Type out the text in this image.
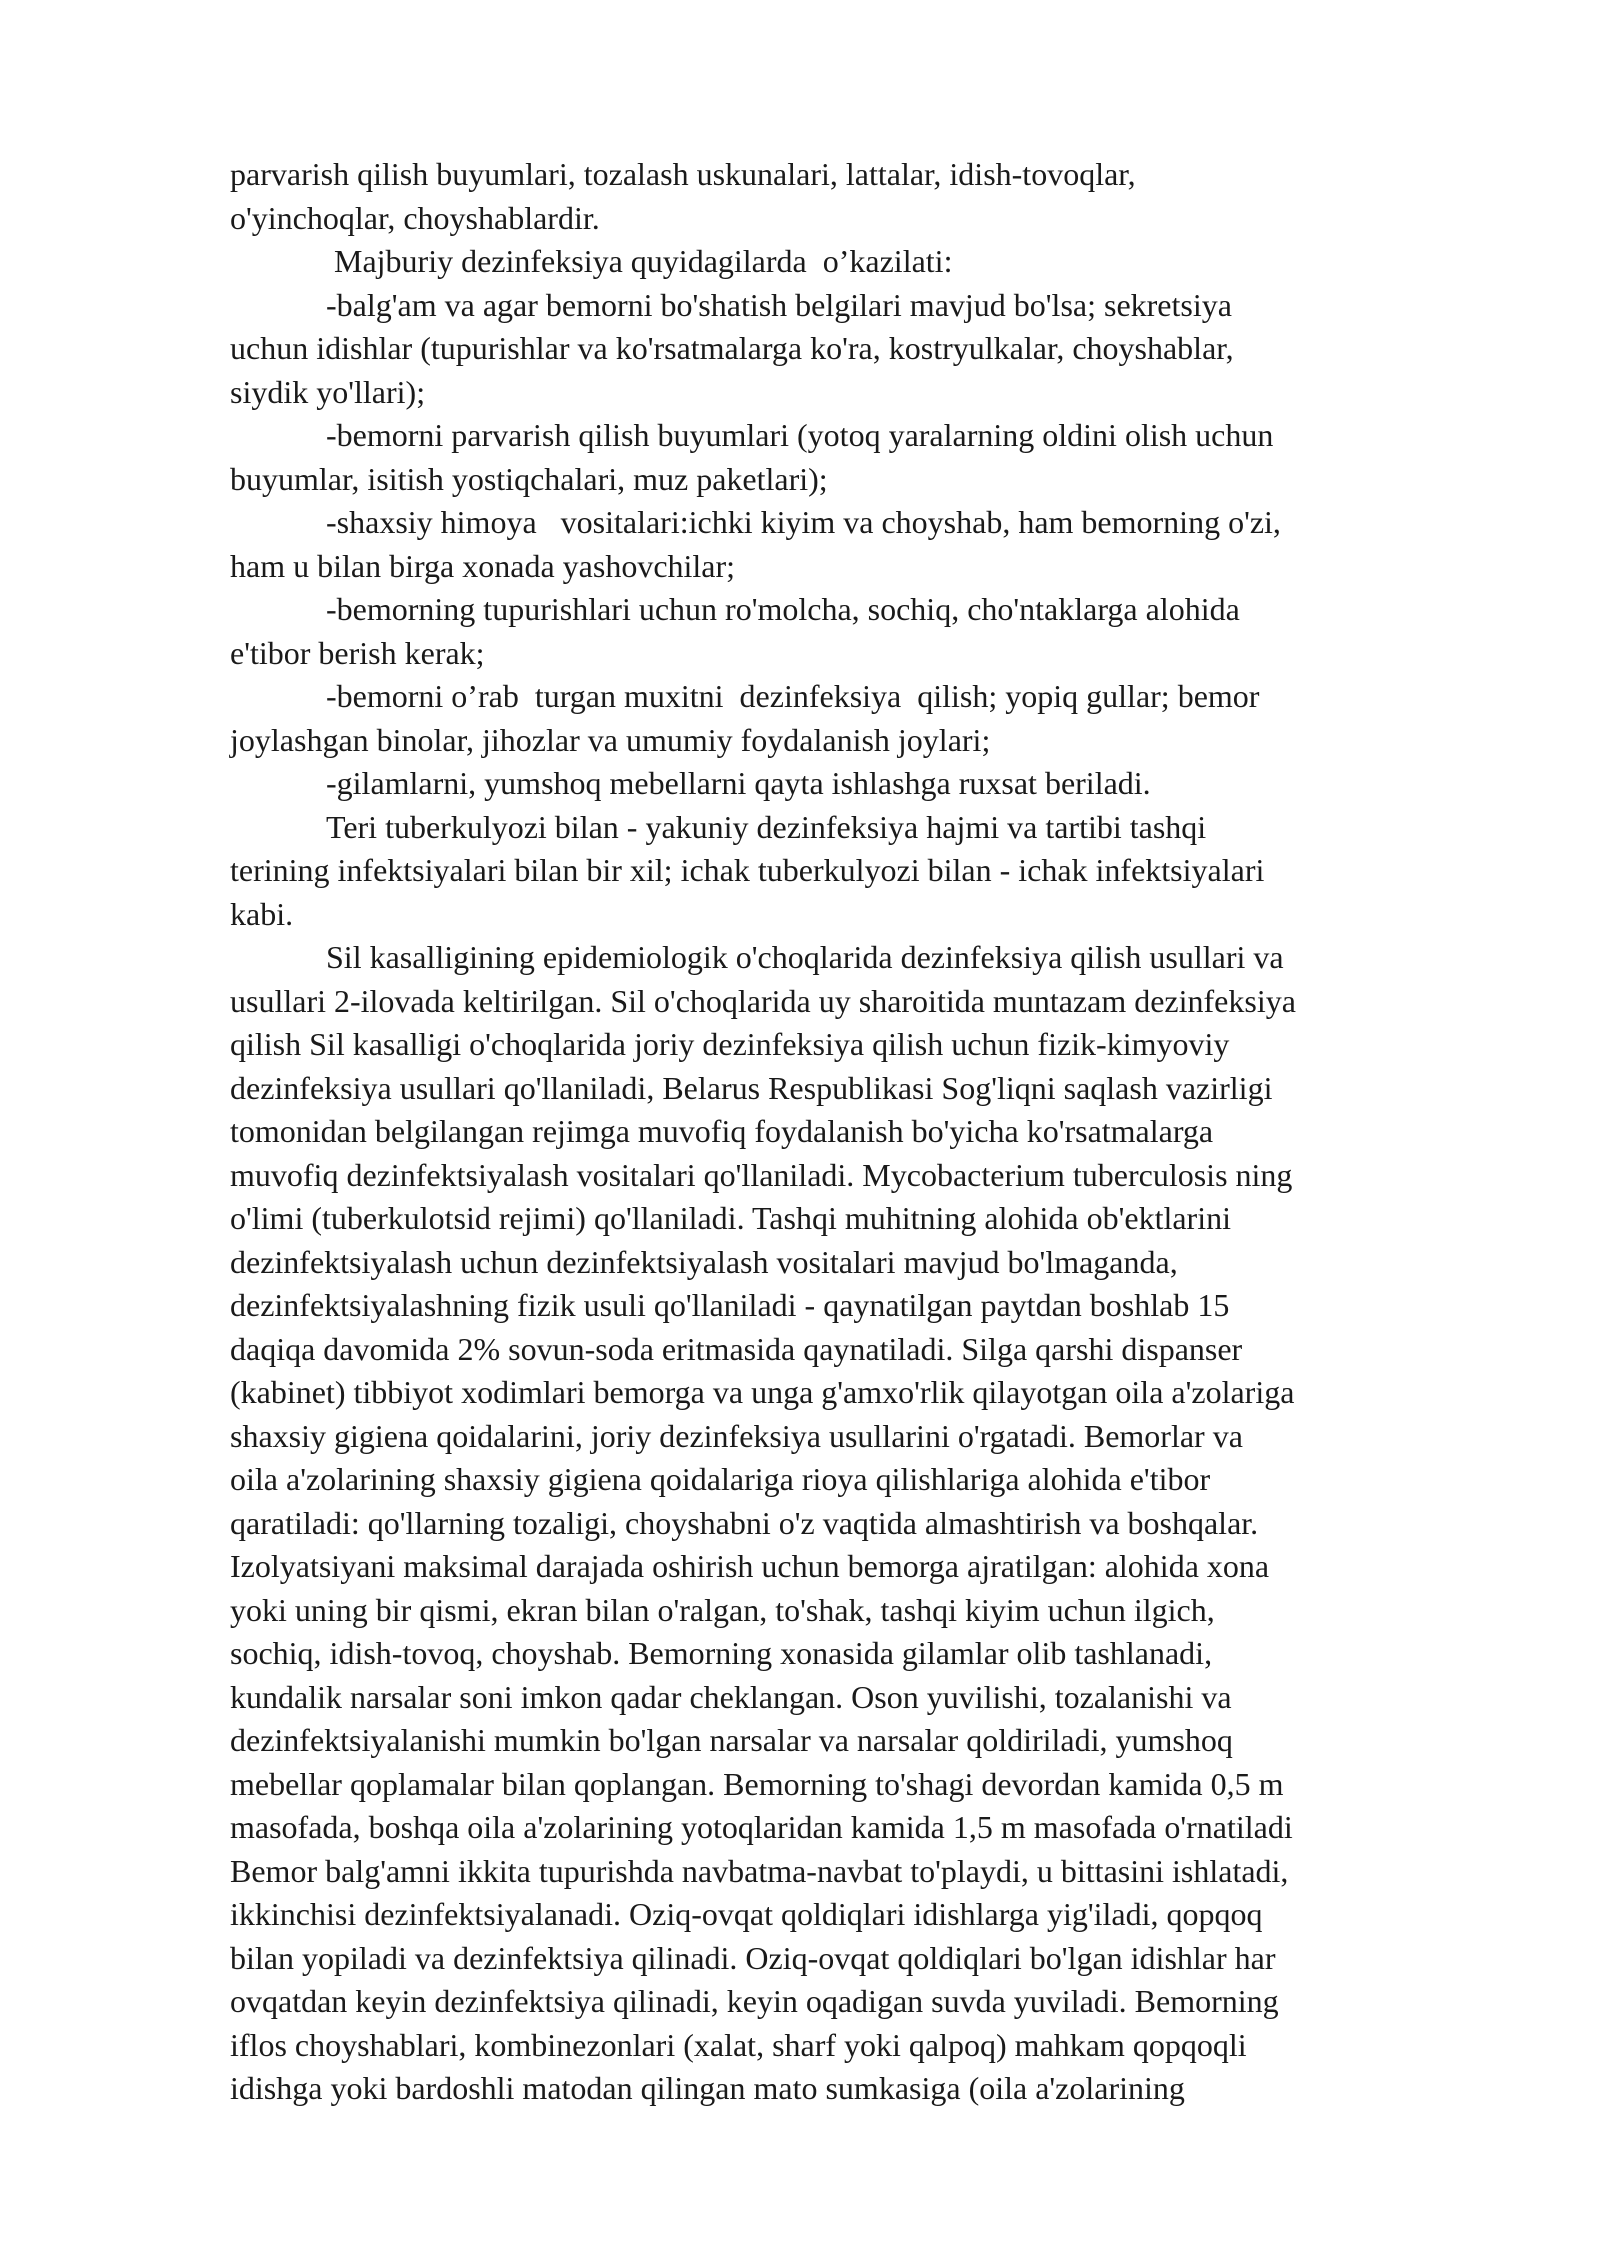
parvarish qilish buyumlari, tozalash uskunalari, lattalar, idish-tovoqlar,
o'yinchoqlar, choyshablardir.
Majburiy dezinfeksiya quyidagilarda  o’kazilati:
-balg'am va agar bemorni bo'shatish belgilari mavjud bo'lsa; sekretsiya
uchun idishlar (tupurishlar va ko'rsatmalarga ko'ra, kostryulkalar, choyshablar,
siydik yo'llari);
-bemorni parvarish qilish buyumlari (yotoq yaralarning oldini olish uchun
buyumlar, isitish yostiqchalari, muz paketlari);
-shaxsiy himoya   vositalari:ichki kiyim va choyshab, ham bemorning o'zi,
ham u bilan birga xonada yashovchilar;
-bemorning tupurishlari uchun ro'molcha, sochiq, cho'ntaklarga alohida
e'tibor berish kerak;
-bemorni o’rab  turgan muxitni  dezinfeksiya  qilish; yopiq gullar; bemor
joylashgan binolar, jihozlar va umumiy foydalanish joylari;
-gilamlarni, yumshoq mebellarni qayta ishlashga ruxsat beriladi.
Teri tuberkulyozi bilan - yakuniy dezinfeksiya hajmi va tartibi tashqi
terining infektsiyalari bilan bir xil; ichak tuberkulyozi bilan - ichak infektsiyalari
kabi.
Sil kasalligining epidemiologik o'choqlarida dezinfeksiya qilish usullari va
usullari 2-ilovada keltirilgan. Sil o'choqlarida uy sharoitida muntazam dezinfeksiya
qilish Sil kasalligi o'choqlarida joriy dezinfeksiya qilish uchun fizik-kimyoviy
dezinfeksiya usullari qo'llaniladi, Belarus Respublikasi Sog'liqni saqlash vazirligi
tomonidan belgilangan rejimga muvofiq foydalanish bo'yicha ko'rsatmalarga
muvofiq dezinfektsiyalash vositalari qo'llaniladi. Mycobacterium tuberculosis ning
o'limi (tuberkulotsid rejimi) qo'llaniladi. Tashqi muhitning alohida ob'ektlarini
dezinfektsiyalash uchun dezinfektsiyalash vositalari mavjud bo'lmaganda,
dezinfektsiyalashning fizik usuli qo'llaniladi - qaynatilgan paytdan boshlab 15
daqiqa davomida 2% sovun-soda eritmasida qaynatiladi. Silga qarshi dispanser
(kabinet) tibbiyot xodimlari bemorga va unga g'amxo'rlik qilayotgan oila a'zolariga
shaxsiy gigiena qoidalarini, joriy dezinfeksiya usullarini o'rgatadi. Bemorlar va
oila a'zolarining shaxsiy gigiena qoidalariga rioya qilishlariga alohida e'tibor
qaratiladi: qo'llarning tozaligi, choyshabni o'z vaqtida almashtirish va boshqalar.
Izolyatsiyani maksimal darajada oshirish uchun bemorga ajratilgan: alohida xona
yoki uning bir qismi, ekran bilan o'ralgan, to'shak, tashqi kiyim uchun ilgich,
sochiq, idish-tovoq, choyshab. Bemorning xonasida gilamlar olib tashlanadi,
kundalik narsalar soni imkon qadar cheklangan. Oson yuvilishi, tozalanishi va
dezinfektsiyalanishi mumkin bo'lgan narsalar va narsalar qoldiriladi, yumshoq
mebellar qoplamalar bilan qoplangan. Bemorning to'shagi devordan kamida 0,5 m
masofada, boshqa oila a'zolarining yotoqlaridan kamida 1,5 m masofada o'rnatiladi
Bemor balg'amni ikkita tupurishda navbatma-navbat to'playdi, u bittasini ishlatadi,
ikkinchisi dezinfektsiyalanadi. Oziq-ovqat qoldiqlari idishlarga yig'iladi, qopqoq
bilan yopiladi va dezinfektsiya qilinadi. Oziq-ovqat qoldiqlari bo'lgan idishlar har
ovqatdan keyin dezinfektsiya qilinadi, keyin oqadigan suvda yuviladi. Bemorning
iflos choyshablari, kombinezonlari (xalat, sharf yoki qalpoq) mahkam qopqoqli
idishga yoki bardoshli matodan qilingan mato sumkasiga (oila a'zolarining
